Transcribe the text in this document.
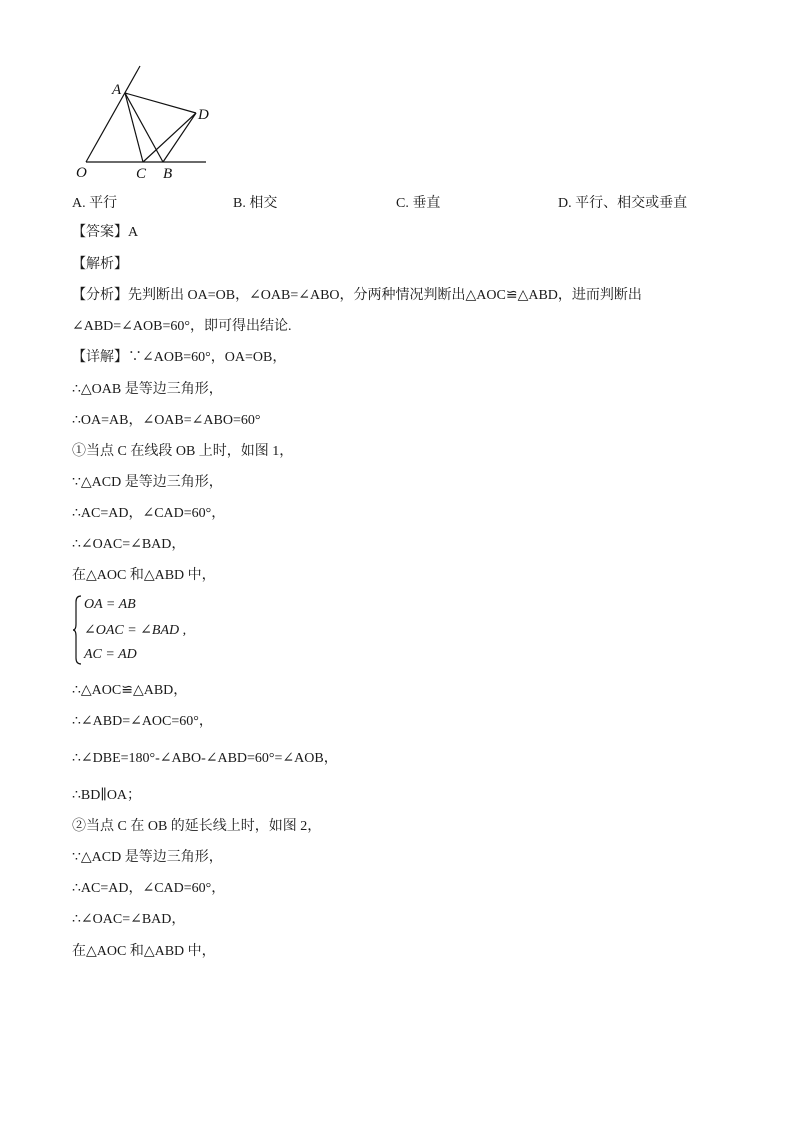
A
D
O	C B
A. 平行	B. 相交	C. 垂直	D. 平行、相交或垂直
【答案】A
【解析】
【分析】先判断出 OA=OB，∠OAB=∠ABO，分两种情况判断出△AOC≌△ABD，进而判断出
∠ABD=∠AOB=60°，即可得出结论.
【详解】∵∠AOB=60°，OA=OB，
∴△OAB 是等边三角形，
∴OA=AB，∠OAB=∠ABO=60°
①当点 C 在线段 OB 上时，如图 1，
∵△ACD 是等边三角形，
∴AC=AD，∠CAD=60°，
∴∠OAC=∠BAD，
在△AOC 和△ABD 中，
OA = AB
∠OAC = ∠BAD ,
AC = AD
∴△AOC≌△ABD，
∴∠ABD=∠AOC=60°，
∴∠DBE=180°-∠ABO-∠ABD=60°=∠AOB，
∴BD∥OA；
②当点 C 在 OB 的延长线上时，如图 2，
∵△ACD 是等边三角形，
∴AC=AD，∠CAD=60°，
∴∠OAC=∠BAD，
在△AOC 和△ABD 中，
